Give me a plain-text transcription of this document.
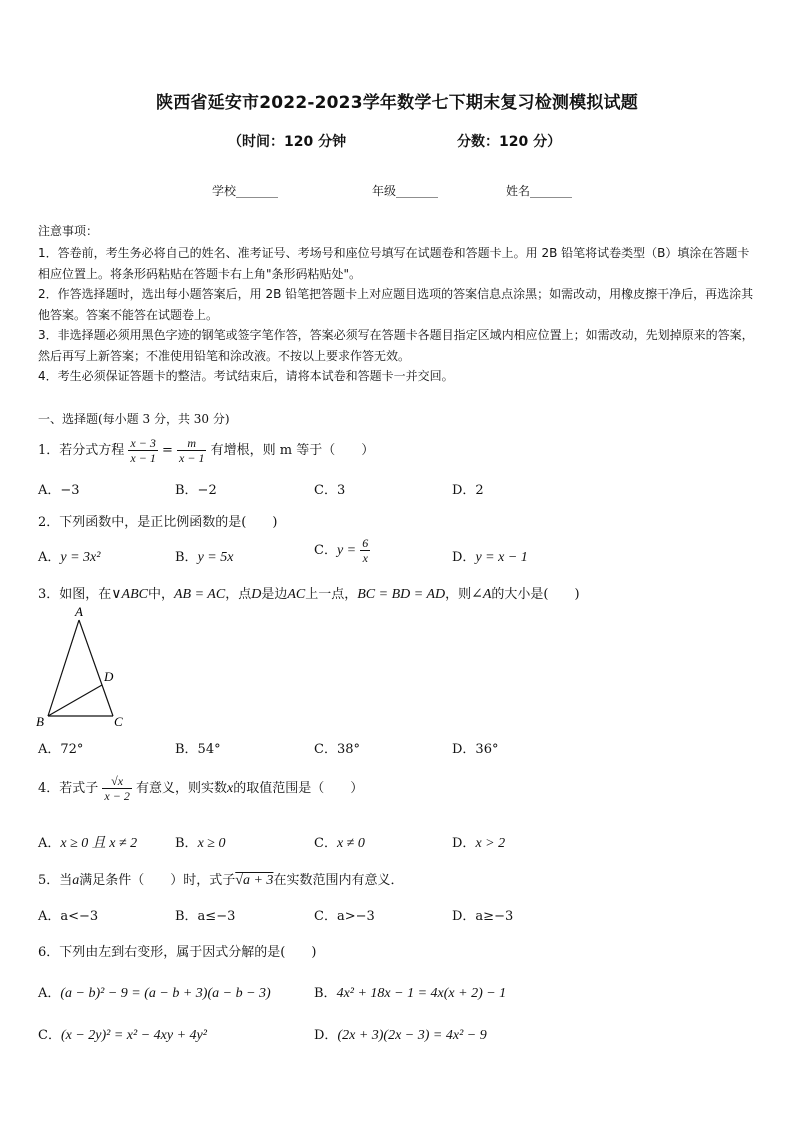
陕西省延安市2022-2023学年数学七下期末复习检测模拟试题
（时间：120 分钟	分数：120 分）
学校_______	年级_______	姓名_______
注意事项：
1．答卷前，考生务必将自己的姓名、准考证号、考场号和座位号填写在试题卷和答题卡上。用 2B 铅笔将试卷类型（B）填涂在答题卡相应位置上。将条形码粘贴在答题卡右上角"条形码粘贴处"。
2．作答选择题时，选出每小题答案后，用 2B 铅笔把答题卡上对应题目选项的答案信息点涂黑；如需改动，用橡皮擦干净后，再选涂其他答案。答案不能答在试题卷上。
3．非选择题必须用黑色字迹的钢笔或签字笔作答，答案必须写在答题卡各题目指定区域内相应位置上；如需改动，先划掉原来的答案，然后再写上新答案；不准使用铅笔和涂改液。不按以上要求作答无效。
4．考生必须保证答题卡的整洁。考试结束后，请将本试卷和答题卡一并交回。
一、选择题(每小题 3 分，共 30 分)
1．若分式方程 $\frac{x - 3}{x - 1} = \frac{m}{x - 1}$ 有增根，则 m 等于（　　）
A．−3	B．−2	C．3	D．2
2．下列函数中，是正比例函数的是(　　)
A．y = 3x²	B．y = 5x	C．$y = \frac{6}{x}$	D．y = x − 1
3．如图，在∨ABC中，AB = AC，点D是边AC上一点，BC = BD = AD，则∠A的大小是(　　)
A
D
B	C
A．72°	B．54°	C．38°	D．36°
4．若式子 $\frac{√x}{x - 2}$ 有意义，则实数x的取值范围是（　　）
A．x ≥ 0 且 x ≠ 2	B．x ≥ 0	C．x ≠ 0	D．x > 2
5．当a满足条件（　　）时，式子√a + 3在实数范围内有意义．
A．a<−3	B．a≤−3	C．a>−3	D．a≥−3
6．下列由左到右变形，属于因式分解的是(　　)
A．(a − b)² − 9 = (a − b + 3)(a − b − 3)	B．4x² + 18x − 1 = 4x(x + 2) − 1
C．(x − 2y)² = x² − 4xy + 4y²	D．(2x + 3)(2x − 3) = 4x² − 9
